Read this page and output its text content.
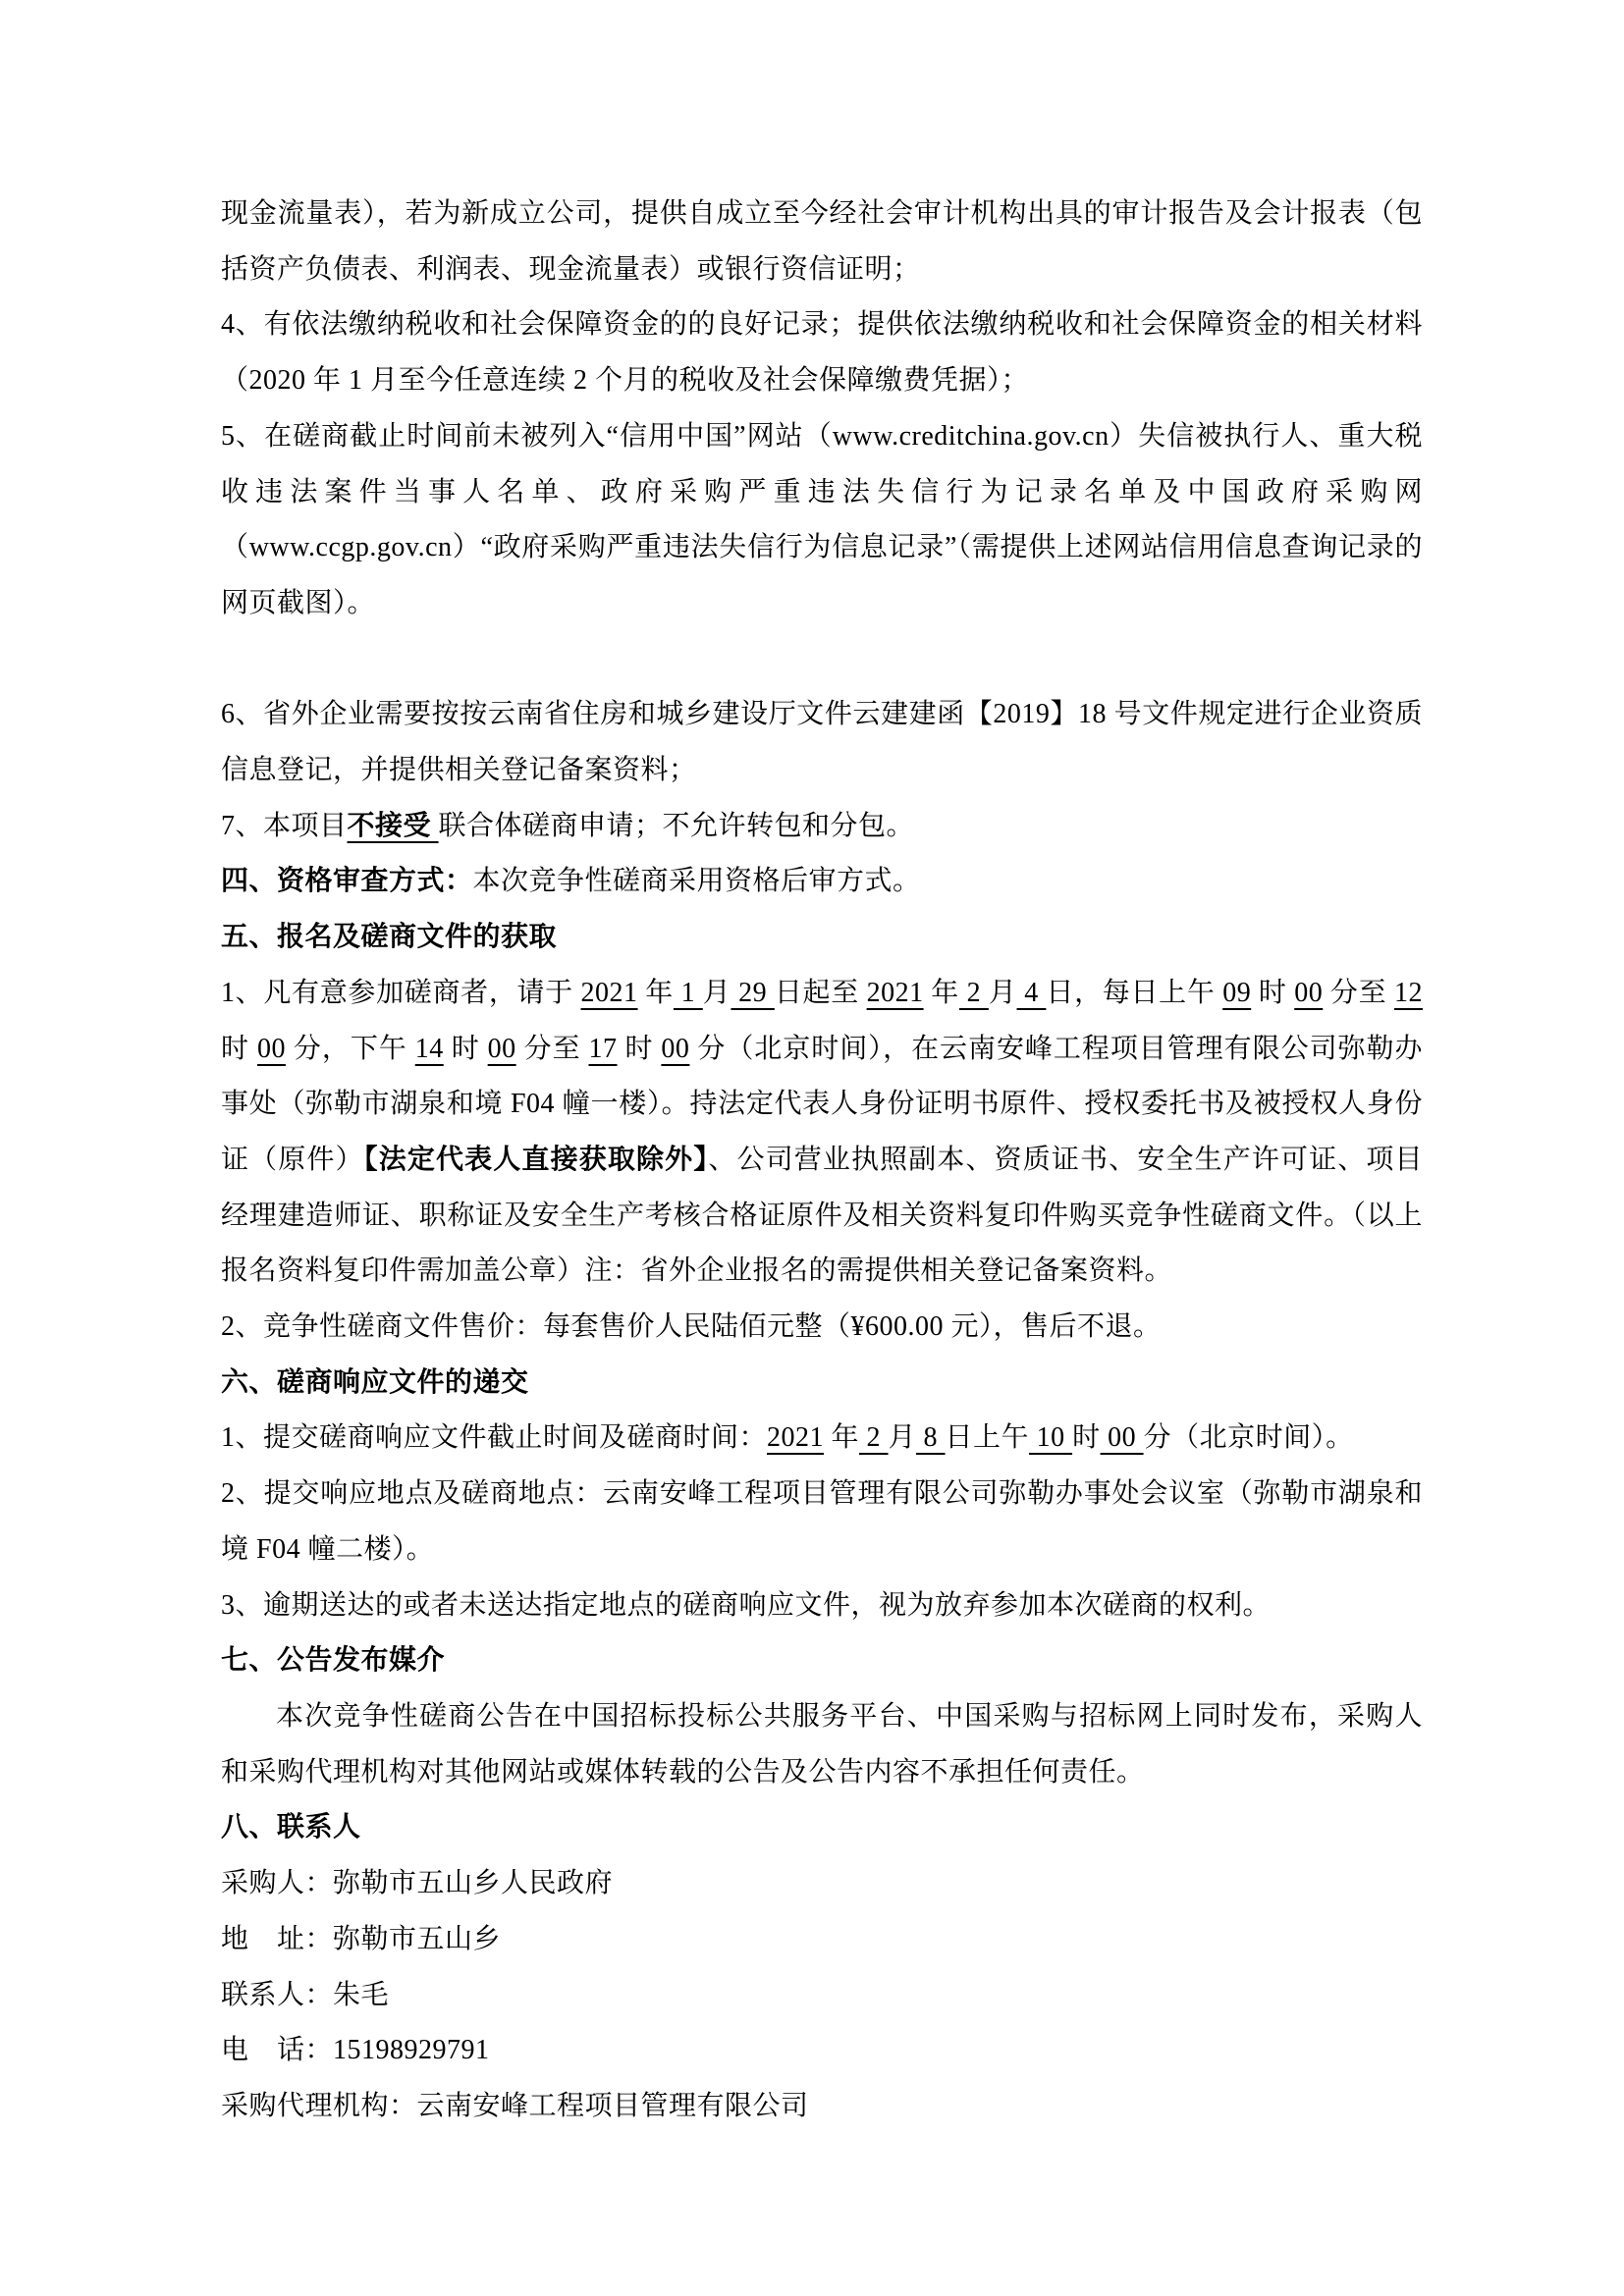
现金流量表），若为新成立公司，提供自成立至今经社会审计机构出具的审计报告及会计报表（包括资产负债表、利润表、现金流量表）或银行资信证明；
4、有依法缴纳税收和社会保障资金的的良好记录；提供依法缴纳税收和社会保障资金的相关材料（2020 年 1 月至今任意连续 2 个月的税收及社会保障缴费凭据）；
5、在磋商截止时间前未被列入“信用中国”网站（www.creditchina.gov.cn）失信被执行人、重大税收违法案件当事人名单、政府采购严重违法失信行为记录名单及中国政府采购网（www.ccgp.gov.cn）“政府采购严重违法失信行为信息记录”（需提供上述网站信用信息查询记录的网页截图）。

6、省外企业需要按按云南省住房和城乡建设厅文件云建建函【2019】18 号文件规定进行企业资质信息登记，并提供相关登记备案资料；
7、本项目不接受 联合体磋商申请；不允许转包和分包。
四、资格审查方式：本次竞争性磋商采用资格后审方式。
五、报名及磋商文件的获取
1、凡有意参加磋商者，请于 2021 年 1 月 29 日起至 2021 年 2 月 4 日，每日上午 09 时 00 分至 12 时 00 分，下午 14 时 00 分至 17 时 00 分（北京时间），在云南安峰工程项目管理有限公司弥勒办事处（弥勒市湖泉和境 F04 幢一楼）。持法定代表人身份证明书原件、授权委托书及被授权人身份证（原件）【法定代表人直接获取除外】、公司营业执照副本、资质证书、安全生产许可证、项目经理建造师证、职称证及安全生产考核合格证原件及相关资料复印件购买竞争性磋商文件。（以上报名资料复印件需加盖公章）注：省外企业报名的需提供相关登记备案资料。
2、竞争性磋商文件售价：每套售价人民陆佰元整（¥600.00 元），售后不退。
六、磋商响应文件的递交
1、提交磋商响应文件截止时间及磋商时间：2021 年 2 月 8 日上午 10 时 00 分（北京时间）。
2、提交响应地点及磋商地点：云南安峰工程项目管理有限公司弥勒办事处会议室（弥勒市湖泉和境 F04 幢二楼）。
3、逾期送达的或者未送达指定地点的磋商响应文件，视为放弃参加本次磋商的权利。
七、公告发布媒介
本次竞争性磋商公告在中国招标投标公共服务平台、中国采购与招标网上同时发布，采购人和采购代理机构对其他网站或媒体转载的公告及公告内容不承担任何责任。
八、联系人
采购人：弥勒市五山乡人民政府
地　址：弥勒市五山乡
联系人：朱毛
电　话：15198929791
采购代理机构：云南安峰工程项目管理有限公司
